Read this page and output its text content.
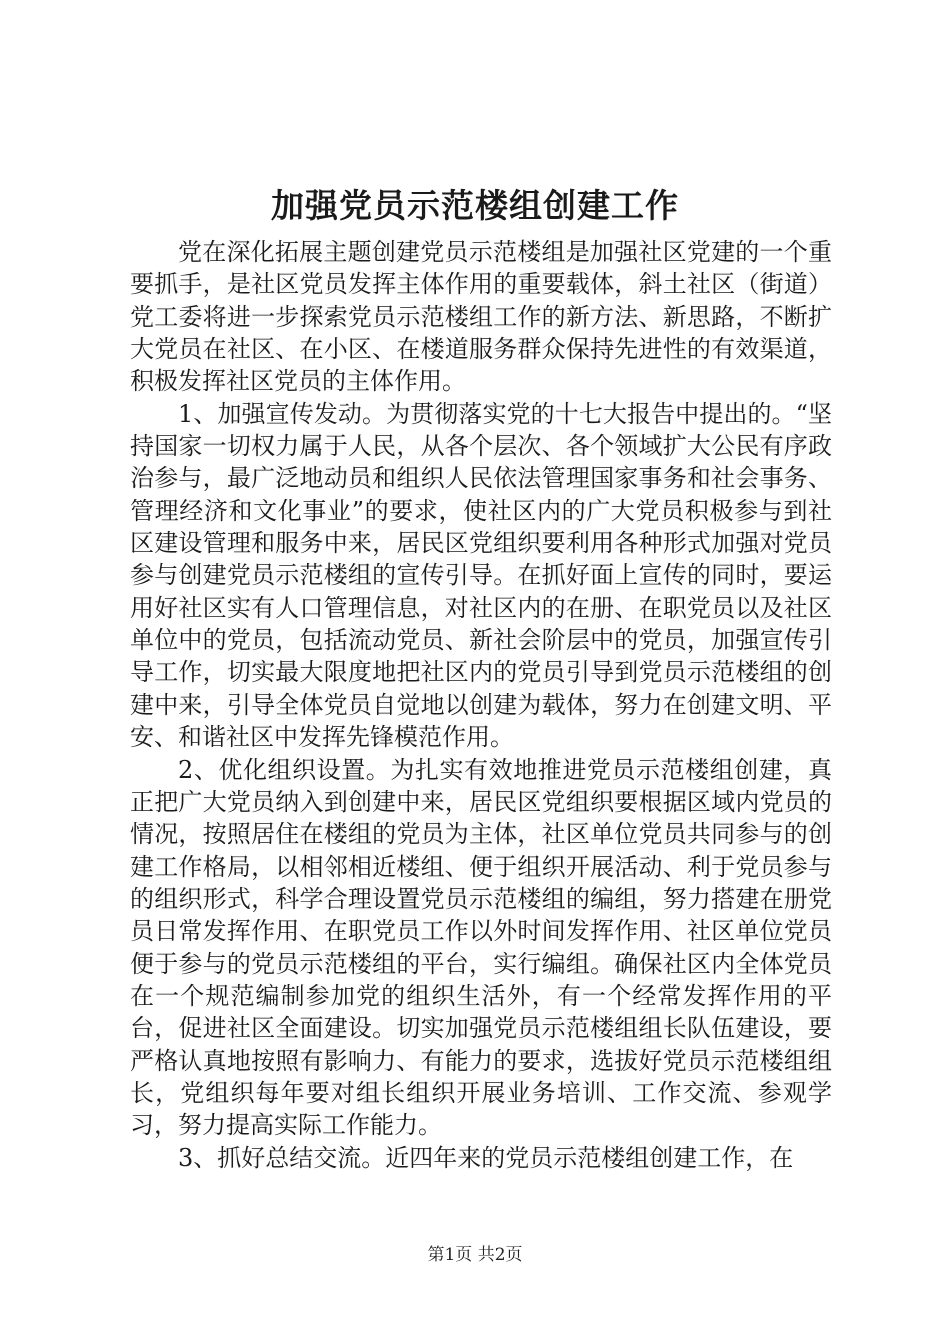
加强党员示范楼组创建工作

党在深化拓展主题创建党员示范楼组是加强社区党建的一个重要抓手，是社区党员发挥主体作用的重要载体，斜土社区（街道）党工委将进一步探索党员示范楼组工作的新方法、新思路，不断扩大党员在社区、在小区、在楼道服务群众保持先进性的有效渠道，积极发挥社区党员的主体作用。

1、加强宣传发动。为贯彻落实党的十七大报告中提出的。“坚持国家一切权力属于人民，从各个层次、各个领域扩大公民有序政治参与，最广泛地动员和组织人民依法管理国家事务和社会事务、管理经济和文化事业”的要求，使社区内的广大党员积极参与到社区建设管理和服务中来，居民区党组织要利用各种形式加强对党员参与创建党员示范楼组的宣传引导。在抓好面上宣传的同时，要运用好社区实有人口管理信息，对社区内的在册、在职党员以及社区单位中的党员，包括流动党员、新社会阶层中的党员，加强宣传引导工作，切实最大限度地把社区内的党员引导到党员示范楼组的创建中来，引导全体党员自觉地以创建为载体，努力在创建文明、平安、和谐社区中发挥先锋模范作用。

2、优化组织设置。为扎实有效地推进党员示范楼组创建，真正把广大党员纳入到创建中来，居民区党组织要根据区域内党员的情况，按照居住在楼组的党员为主体，社区单位党员共同参与的创建工作格局，以相邻相近楼组、便于组织开展活动、利于党员参与的组织形式，科学合理设置党员示范楼组的编组，努力搭建在册党员日常发挥作用、在职党员工作以外时间发挥作用、社区单位党员便于参与的党员示范楼组的平台，实行编组。确保社区内全体党员在一个规范编制参加党的组织生活外，有一个经常发挥作用的平台，促进社区全面建设。切实加强党员示范楼组组长队伍建设，要严格认真地按照有影响力、有能力的要求，选拔好党员示范楼组组长，党组织每年要对组长组织开展业务培训、工作交流、参观学习，努力提高实际工作能力。

3、抓好总结交流。近四年来的党员示范楼组创建工作，在

第1页 共2页
